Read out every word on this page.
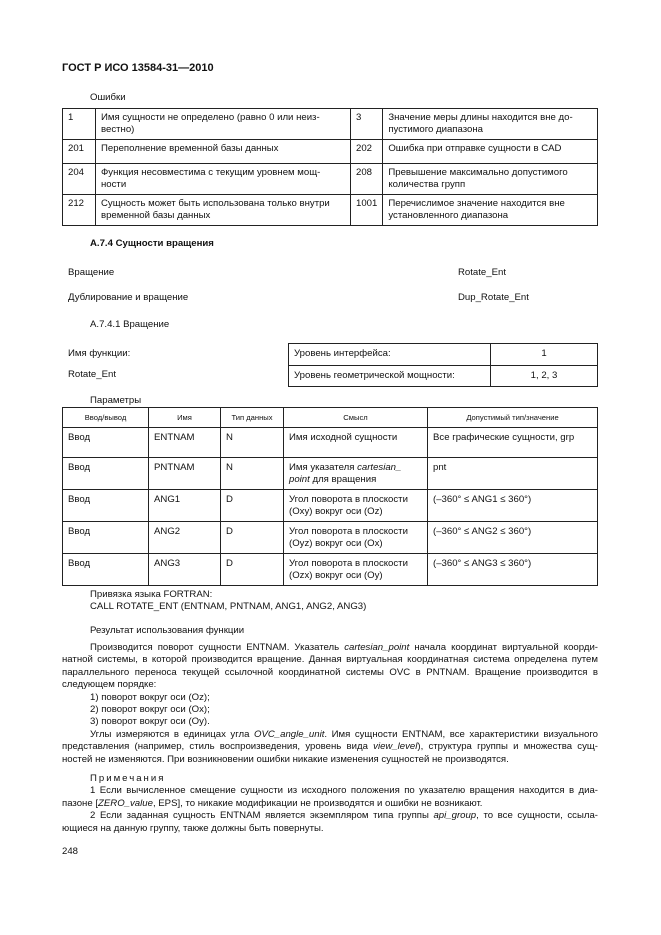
ГОСТ Р ИСО 13584-31—2010
Ошибки
1	Имя сущности не определено (равно 0 или неиз-вестно)	3	Значение меры длины находится вне до-пустимого диапазона
201	Переполнение временной базы данных	202	Ошибка при отправке сущности в CAD
204	Функция несовместима с текущим уровнем мощ-ности	208	Превышение максимально допустимого количества групп
212	Сущность может быть использована только внутри временной базы данных	1001	Перечислимое значение находится вне установленного диапазона
А.7.4 Сущности вращения
Вращение	Rotate_Ent
Дублирование и вращение	Dup_Rotate_Ent
А.7.4.1 Вращение
Имя функции:
Rotate_Ent
Уровень интерфейса:	1
Уровень геометрической мощности:	1, 2, 3
Параметры
Ввод/вывод	Имя	Тип данных	Смысл	Допустимый тип/значение
Ввод	ENTNAM	N	Имя исходной сущности	Все графические сущности, grp
Ввод	PNTNAM	N	Имя указателя cartesian_ point для вращения	pnt
Ввод	ANG1	D	Угол поворота в плоскости (Oxy) вокруг оси (Oz)	(–360° ≤ ANG1 ≤ 360°)
Ввод	ANG2	D	Угол поворота в плоскости (Oyz) вокруг оси (Ox)	(–360° ≤ ANG2 ≤ 360°)
Ввод	ANG3	D	Угол поворота в плоскости (Ozx) вокруг оси (Oy)	(–360° ≤ ANG3 ≤ 360°)
Привязка языка FORTRAN:
CALL ROTATE_ENT (ENTNAM, PNTNAM, ANG1, ANG2, ANG3)
Результат использования функции
Производится поворот сущности ENTNAM. Указатель cartesian_point начала координат виртуальной коорди-натной системы, в которой производится вращение. Данная виртуальная координатная система определена путем параллельного переноса текущей ссылочной координатной системы OVC в PNTNAM. Вращение производится в следующем порядке:
1) поворот вокруг оси (Oz);
2) поворот вокруг оси (Ox);
3) поворот вокруг оси (Oy).
Углы измеряются в единицах угла OVC_angle_unit. Имя сущности ENTNAM, все характеристики визуального представления (например, стиль воспроизведения, уровень вида view_level), структура группы и множества сущ-ностей не изменяются. При возникновении ошибки никакие изменения сущностей не производятся.
Примечания
1 Если вычисленное смещение сущности из исходного положения по указателю вращения находится в диа-пазоне [ZERO_value, EPS], то никакие модификации не производятся и ошибки не возникают.
2 Если заданная сущность ENTNAM является экземпляром типа группы api_group, то все сущности, ссыла-ющиеся на данную группу, также должны быть повернуты.
248
